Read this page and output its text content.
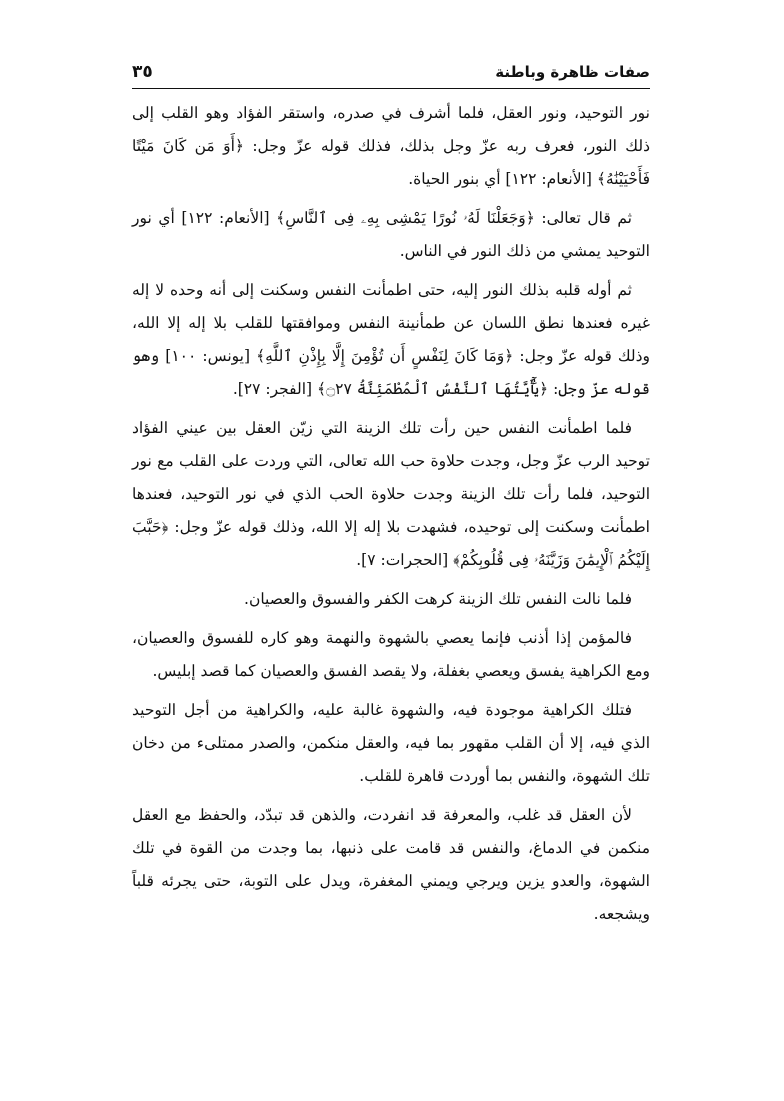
صفات ظاهرة وباطنة
٣٥

نور التوحيد، ونور العقل، فلما أشرف في صدره، واستقر الفؤاد وهو القلب إلى ذلك النور، فعرف ربه عزّ وجل بذلك، فذلك قوله عزّ وجل: ﴿أَوَ مَن كَانَ مَيْتًا فَأَحْيَيْنَٰهُ﴾ [الأنعام: ١٢٢] أي بنور الحياة.

ثم قال تعالى: ﴿وَجَعَلْنَا لَهُۥ نُورًا يَمْشِى بِهِۦ فِى ٱلنَّاسِ﴾ [الأنعام: ١٢٢] أي نور التوحيد يمشي من ذلك النور في الناس.

ثم أوله قلبه بذلك النور إليه، حتى اطمأنت النفس وسكنت إلى أنه وحده لا إله غيره فعندها نطق اللسان عن طمأنينة النفس وموافقتها للقلب بلا إله إلا الله، وذلك قوله عزّ وجل: ﴿وَمَا كَانَ لِنَفْسٍ أَن تُؤْمِنَ إِلَّا بِإِذْنِ ٱللَّهِ﴾ [يونس: ١٠٠] وهو قوله عزّ وجل: ﴿يَٰٓأَيَّتُهَا ٱلنَّفْسُ ٱلْمُطْمَئِنَّةُ ۝٢٧﴾ [الفجر: ٢٧].

فلما اطمأنت النفس حين رأت تلك الزينة التي زيّن العقل بين عيني الفؤاد توحيد الرب عزّ وجل، وجدت حلاوة حب الله تعالى، التي وردت على القلب مع نور التوحيد، فلما رأت تلك الزينة وجدت حلاوة الحب الذي في نور التوحيد، فعندها اطمأنت وسكنت إلى توحيده، فشهدت بلا إله إلا الله، وذلك قوله عزّ وجل: ﴿حَبَّبَ إِلَيْكُمُ ٱلْإِيمَٰنَ وَزَيَّنَهُۥ فِى قُلُوبِكُمْ﴾ [الحجرات: ٧].

فلما نالت النفس تلك الزينة كرهت الكفر والفسوق والعصيان.

فالمؤمن إذا أذنب فإنما يعصي بالشهوة والنهمة وهو كاره للفسوق والعصيان، ومع الكراهية يفسق ويعصي بغفلة، ولا يقصد الفسق والعصيان كما قصد إبليس.

فتلك الكراهية موجودة فيه، والشهوة غالبة عليه، والكراهية من أجل التوحيد الذي فيه، إلا أن القلب مقهور بما فيه، والعقل منكمن، والصدر ممتلىء من دخان تلك الشهوة، والنفس بما أوردت قاهرة للقلب.

لأن العقل قد غلب، والمعرفة قد انفردت، والذهن قد تبدّد، والحفظ مع العقل منكمن في الدماغ، والنفس قد قامت على ذنبها، بما وجدت من القوة في تلك الشهوة، والعدو يزين ويرجي ويمني المغفرة، ويدل على التوبة، حتى يجرئه قلباً ويشجعه.
